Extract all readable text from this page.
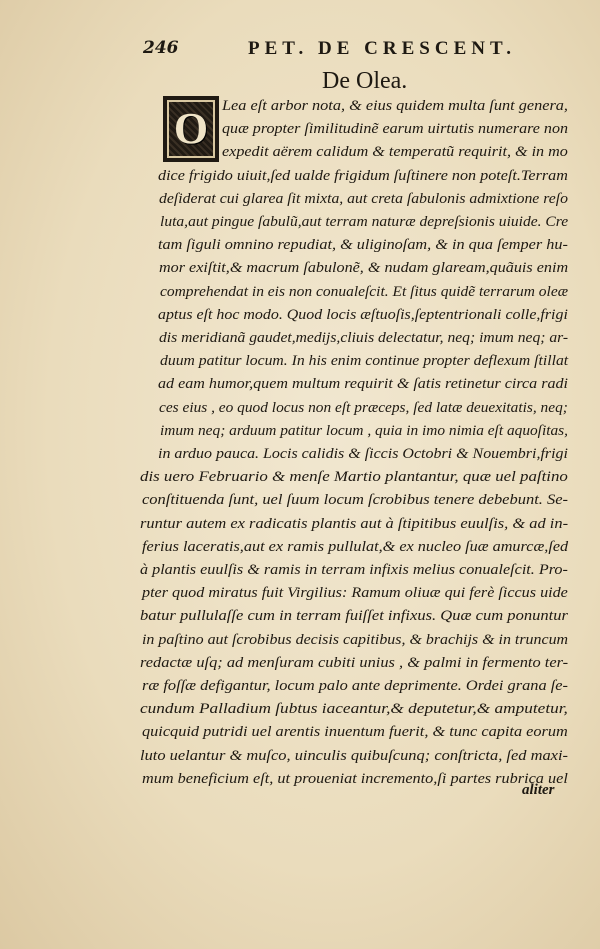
246	PET. DE CRESCENT.
De Olea.
O Lea eſt arbor nota, & eius quidem multa ſunt genera,
quæ propter ſimilitudinẽ earum uirtutis numerare non
expedit aërem calidum & temperatũ requirit, & in mo
dice frigido uiuit,ſed ualde frigidum ſuſtinere non poteſt.Terram
deſiderat cui glarea ſit mixta, aut creta ſabulonis admixtione reſo
luta,aut pingue ſabulũ,aut terram naturæ depreſsionis uiuide. Cre
tam ſiguli omnino repudiat, & uliginoſam, & in qua ſemper hu-
mor exiſtit,& macrum ſabulonẽ, & nudam glaream,quãuis enim
comprehendat in eis non conualeſcit. Et ſitus quidẽ terrarum oleæ
aptus eſt hoc modo. Quod locis æſtuoſis,ſeptentrionali colle,frigi
dis meridianã gaudet,medijs,cliuis delectatur, neq; imum neq; ar-
duum patitur locum. In his enim continue propter deflexum ſtillat
ad eam humor,quem multum requirit & ſatis retinetur circa radi
ces eius , eo quod locus non eſt præceps, ſed latæ deuexitatis, neq;
imum neq; arduum patitur locum , quia in imo nimia eſt aquoſitas,
in arduo pauca. Locis calidis & ſiccis Octobri & Nouembri,frigi
dis uero Februario & menſe Martio plantantur, quæ uel paſtino
conſtituenda ſunt, uel ſuum locum ſcrobibus tenere debebunt. Se-
runtur autem ex radicatis plantis aut à ſtipitibus euulſis, & ad in-
ferius laceratis,aut ex ramis pullulat,& ex nucleo ſuæ amurcæ,ſed
à plantis euulſis & ramis in terram infixis melius conualeſcit. Pro-
pter quod miratus fuit Virgilius: Ramum oliuæ qui ferè ſiccus uide
batur pullulaſſe cum in terram fuiſſet infixus. Quæ cum ponuntur
in paſtino aut ſcrobibus decisis capitibus, & brachijs & in truncum
redactæ uſq; ad menſuram cubiti unius , & palmi in fermento ter-
ræ foſſæ defigantur, locum palo ante deprimente. Ordei grana ſe-
cundum Palladium ſubtus iaceantur,& deputetur,& amputetur,
quicquid putridi uel arentis inuentum fuerit, & tunc capita eorum
luto uelantur & muſco, uinculis quibuſcunq; conſtricta, ſed maxi-
mum beneficium eſt, ut proueniat incremento,ſi partes rubrica uel
aliter
